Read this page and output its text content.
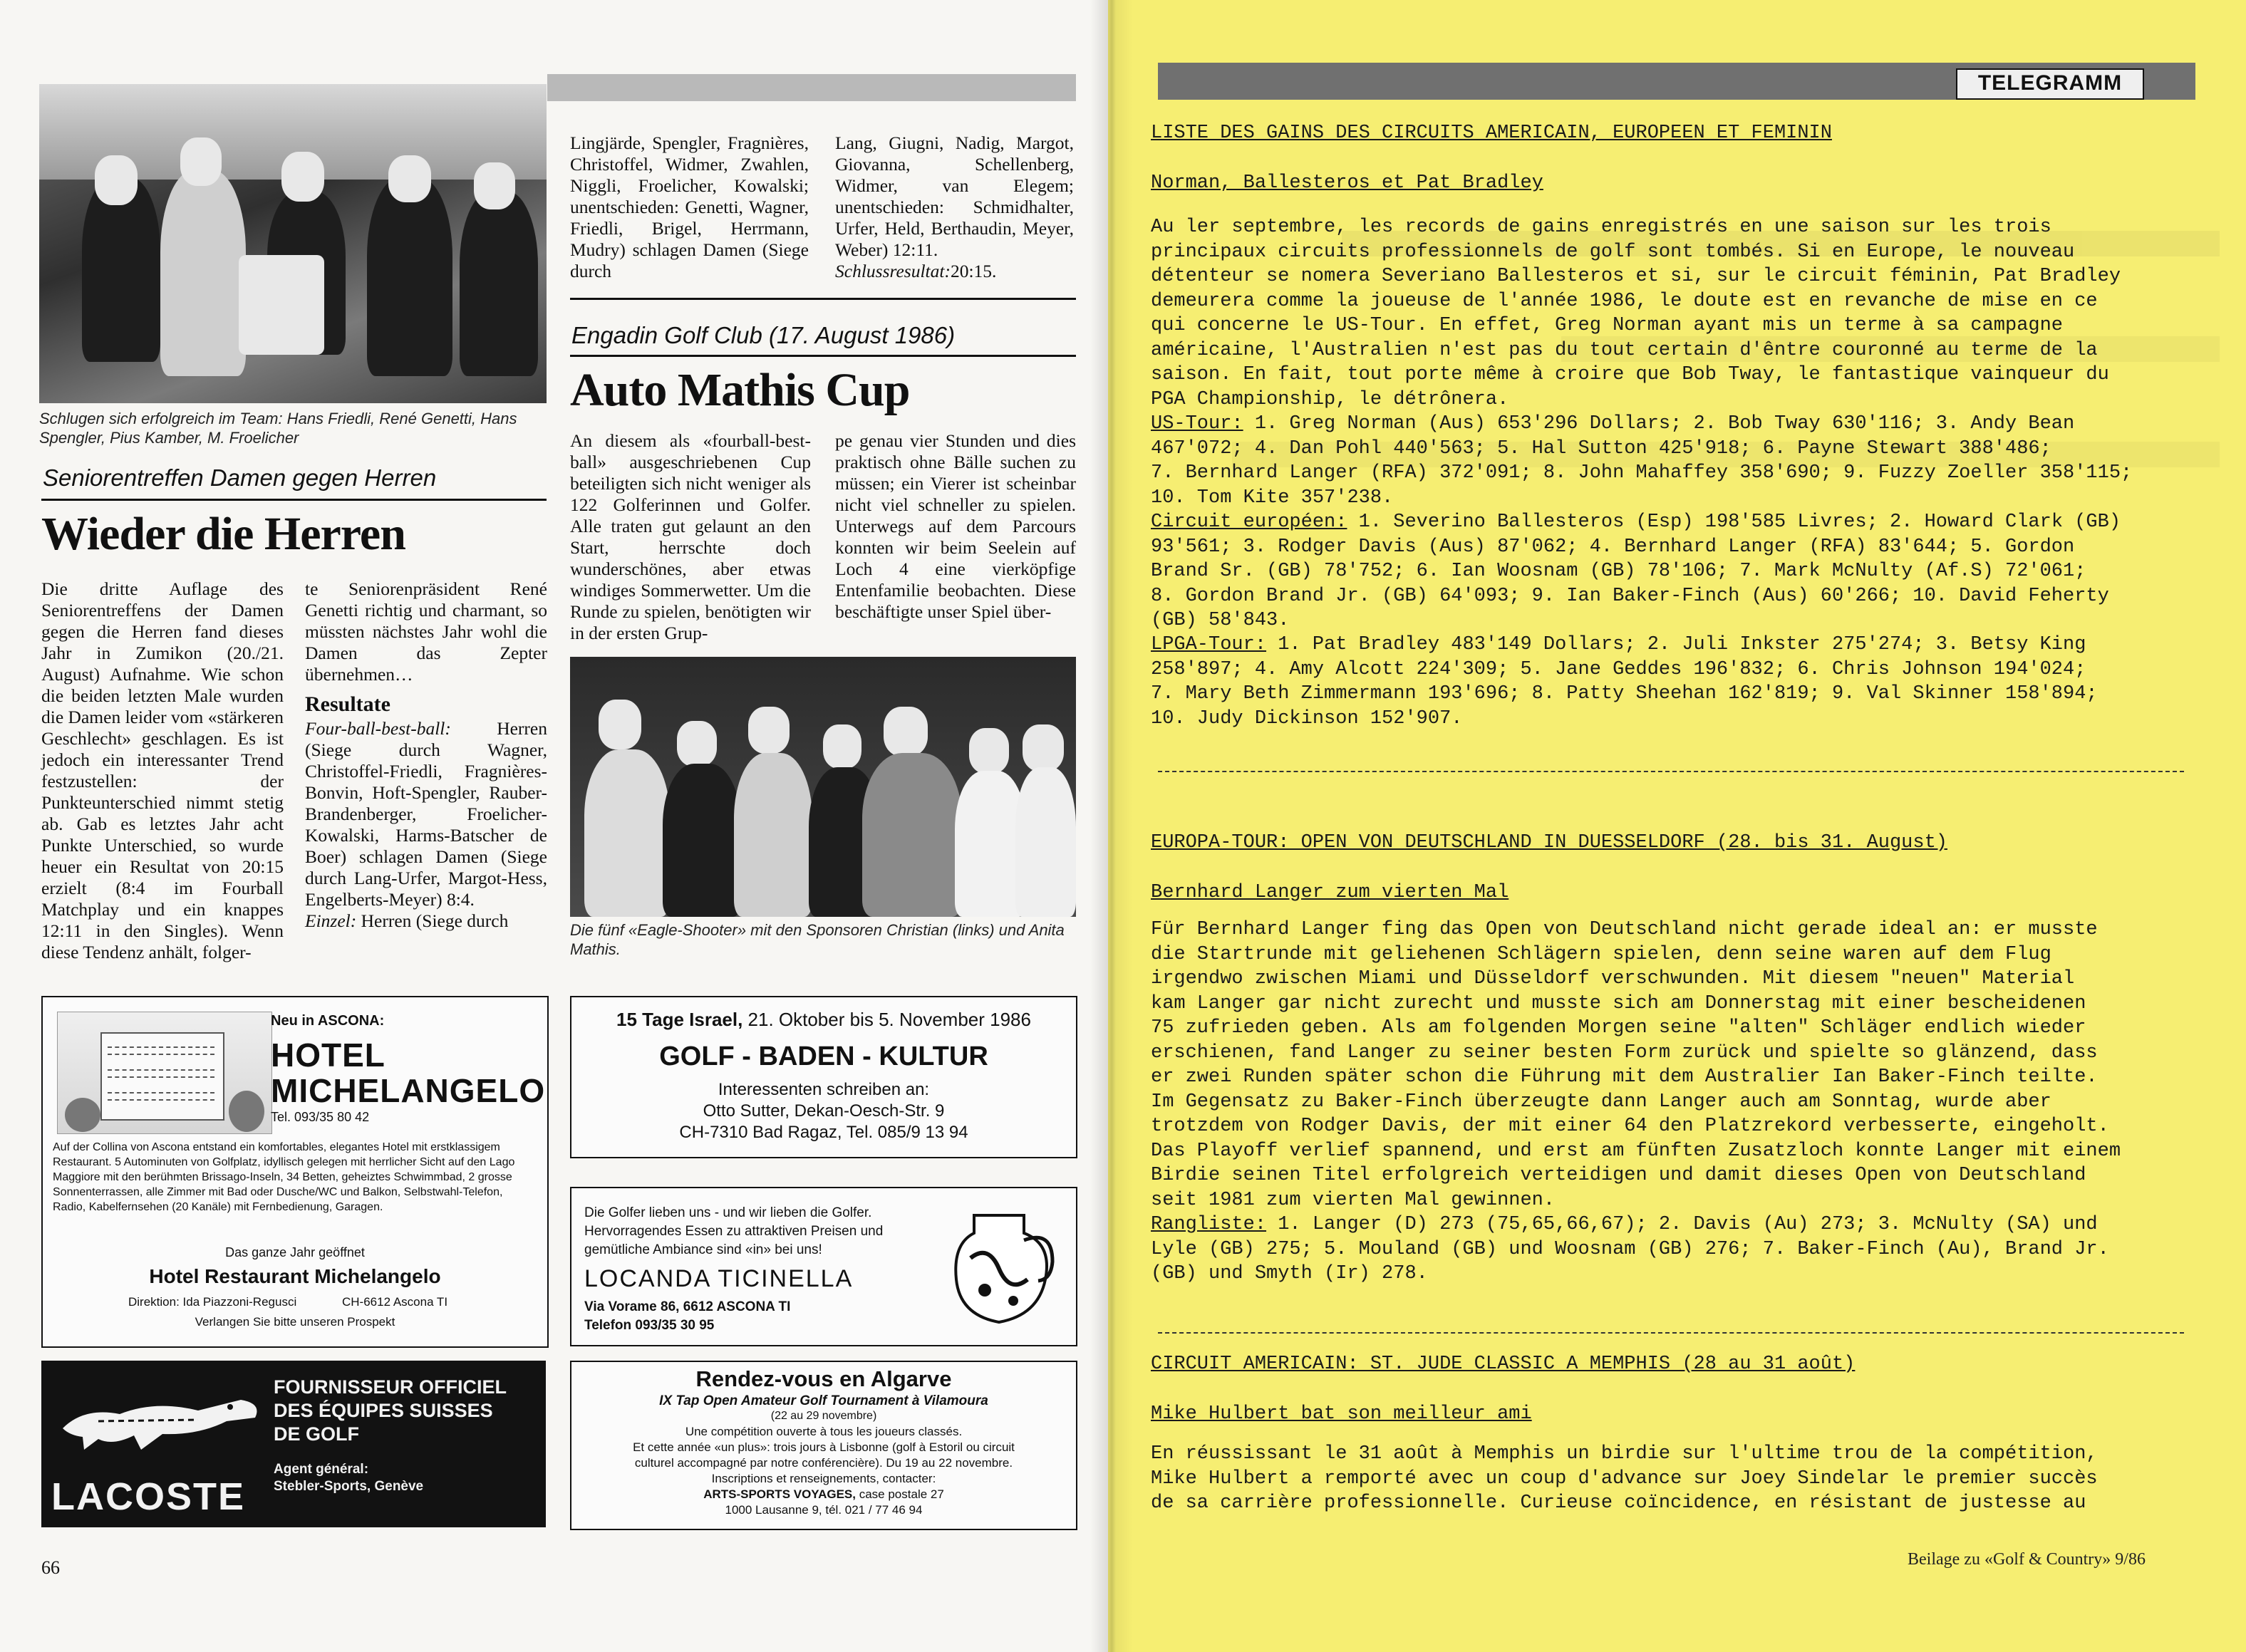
Schlugen sich erfolgreich im Team: Hans Friedli, René Genetti, Hans Spengler, Pius Kamber, M. Froelicher
Seniorentreffen Damen gegen Herren
Wieder die Herren
Die dritte Auflage des Seniorentreffens der Damen gegen die Herren fand dieses Jahr in Zumikon (20./21. August) Aufnahme. Wie schon die beiden letzten Male wurden die Damen leider vom «stärkeren Geschlecht» geschlagen. Es ist jedoch ein interessanter Trend festzustellen: der Punkteunterschied nimmt stetig ab. Gab es letztes Jahr acht Punkte Unterschied, so wurde heuer ein Resultat von 20:15 erzielt (8:4 im Fourball Matchplay und ein knappes 12:11 in den Singles). Wenn diese Tendenz anhält, folger-
te Seniorenpräsident René Genetti richtig und charmant, so müssten nächstes Jahr wohl die Damen das Zepter übernehmen…
Resultate
Four-ball-best-ball: Herren (Siege durch Wagner, Christoffel-Friedli, Fragnières-Bonvin, Hoft-Spengler, Rauber-Brandenberger, Froelicher-Kowalski, Harms-Batscher de Boer) schlagen Damen (Siege durch Lang-Urfer, Margot-Hess, Engelberts-Meyer) 8:4.
Einzel: Herren (Siege durch
Lingjärde, Spengler, Fragnières, Christoffel, Widmer, Zwahlen, Niggli, Froelicher, Kowalski; unentschieden: Genetti, Wagner, Friedli, Brigel, Herrmann, Mudry) schlagen Damen (Siege durch
Lang, Giugni, Nadig, Margot, Giovanna, Schellenberg, Widmer, van Elegem; unentschieden: Schmidhalter, Urfer, Held, Berthaudin, Meyer, Weber) 12:11.
Schlussresultat:20:15.
Engadin Golf Club (17. August 1986)
Auto Mathis Cup
An diesem als «fourball-best-ball» ausgeschriebenen Cup beteiligten sich nicht weniger als 122 Golferinnen und Golfer. Alle traten gut gelaunt an den Start, herrschte doch wunderschönes, aber etwas windiges Sommerwetter. Um die Runde zu spielen, benötigten wir in der ersten Grup-
pe genau vier Stunden und dies praktisch ohne Bälle suchen zu müssen; ein Vierer ist scheinbar nicht viel schneller zu spielen. Unterwegs auf dem Parcours konnten wir beim Seelein auf Loch 4 eine vierköpfige Entenfamilie beobachten. Diese beschäftigte unser Spiel über-
Die fünf «Eagle-Shooter» mit den Sponsoren Christian (links) und Anita Mathis.
Neu in ASCONA:
HOTEL
MICHELANGELO
Tel. 093/35 80 42
Auf der Collina von Ascona entstand ein komfortables, elegantes Hotel mit erstklassigem Restaurant. 5 Autominuten von Golfplatz, idyllisch gelegen mit herrlicher Sicht auf den Lago Maggiore mit den berühmten Brissago-Inseln, 34 Betten, geheiztes Schwimmbad, 2 grosse Sonnenterrassen, alle Zimmer mit Bad oder Dusche/WC und Balkon, Selbstwahl-Telefon, Radio, Kabelfernsehen (20 Kanäle) mit Fernbedienung, Garagen.
Das ganze Jahr geöffnet
Hotel Restaurant Michelangelo
Direktion: Ida Piazzoni-Regusci	CH-6612 Ascona TI
Verlangen Sie bitte unseren Prospekt
LACOSTE
FOURNISSEUR OFFICIEL
DES ÉQUIPES SUISSES
DE GOLF
Agent général:
Stebler-Sports, Genève
15 Tage Israel, 21. Oktober bis 5. November 1986
GOLF - BADEN - KULTUR
Interessenten schreiben an:
Otto Sutter, Dekan-Oesch-Str. 9
CH-7310 Bad Ragaz, Tel. 085/9 13 94
Die Golfer lieben uns - und wir lieben die Golfer.
Hervorragendes Essen zu attraktiven Preisen und
gemütliche Ambiance sind «in» bei uns!
LOCANDA TICINELLA
Via Vorame 86, 6612 ASCONA TI
Telefon 093/35 30 95
Rendez-vous en Algarve
IX Tap Open Amateur Golf Tournament à Vilamoura
(22 au 29 novembre)
Une compétition ouverte à tous les joueurs classés.
Et cette année «un plus»: trois jours à Lisbonne (golf à Estoril ou circuit
culturel accompagné par notre conférencière). Du 19 au 22 novembre.
Inscriptions et renseignements, contacter:
ARTS-SPORTS VOYAGES, case postale 27
1000 Lausanne 9, tél. 021 / 77 46 94
66

TELEGRAMM
LISTE DES GAINS DES CIRCUITS AMERICAIN, EUROPEEN ET FEMININ
Norman, Ballesteros et Pat Bradley
Au ler septembre, les records de gains enregistrés en une saison sur les trois
principaux circuits professionnels de golf sont tombés. Si en Europe, le nouveau
détenteur se nomera Severiano Ballesteros et si, sur le circuit féminin, Pat Bradley
demeurera comme la joueuse de l'année 1986, le doute est en revanche de mise en ce
qui concerne le US-Tour. En effet, Greg Norman ayant mis un terme à sa campagne
américaine, l'Australien n'est pas du tout certain d'êntre couronné au terme de la
saison. En fait, tout porte même à croire que Bob Tway, le fantastique vainqueur du
PGA Championship, le détrônera.
US-Tour: 1. Greg Norman (Aus) 653'296 Dollars; 2. Bob Tway 630'116; 3. Andy Bean
467'072; 4. Dan Pohl 440'563; 5. Hal Sutton 425'918; 6. Payne Stewart 388'486;
7. Bernhard Langer (RFA) 372'091; 8. John Mahaffey 358'690; 9. Fuzzy Zoeller 358'115;
10. Tom Kite 357'238.
Circuit européen: 1. Severino Ballesteros (Esp) 198'585 Livres; 2. Howard Clark (GB)
93'561; 3. Rodger Davis (Aus) 87'062; 4. Bernhard Langer (RFA) 83'644; 5. Gordon
Brand Sr. (GB) 78'752; 6. Ian Woosnam (GB) 78'106; 7. Mark McNulty (Af.S) 72'061;
8. Gordon Brand Jr. (GB) 64'093; 9. Ian Baker-Finch (Aus) 60'266; 10. David Feherty
(GB) 58'843.
LPGA-Tour: 1. Pat Bradley 483'149 Dollars; 2. Juli Inkster 275'274; 3. Betsy King
258'897; 4. Amy Alcott 224'309; 5. Jane Geddes 196'832; 6. Chris Johnson 194'024;
7. Mary Beth Zimmermann 193'696; 8. Patty Sheehan 162'819; 9. Val Skinner 158'894;
10. Judy Dickinson 152'907.
EUROPA-TOUR: OPEN VON DEUTSCHLAND IN DUESSELDORF (28. bis 31. August)
Bernhard Langer zum vierten Mal
Für Bernhard Langer fing das Open von Deutschland nicht gerade ideal an: er musste
die Startrunde mit geliehenen Schlägern spielen, denn seine waren auf dem Flug
irgendwo zwischen Miami und Düsseldorf verschwunden. Mit diesem "neuen" Material
kam Langer gar nicht zurecht und musste sich am Donnerstag mit einer bescheidenen
75 zufrieden geben. Als am folgenden Morgen seine "alten" Schläger endlich wieder
erschienen, fand Langer zu seiner besten Form zurück und spielte so glänzend, dass
er zwei Runden später schon die Führung mit dem Australier Ian Baker-Finch teilte.
Im Gegensatz zu Baker-Finch überzeugte dann Langer auch am Sonntag, wurde aber
trotzdem von Rodger Davis, der mit einer 64 den Platzrekord verbesserte, eingeholt.
Das Playoff verlief spannend, und erst am fünften Zusatzloch konnte Langer mit einem
Birdie seinen Titel erfolgreich verteidigen und damit dieses Open von Deutschland
seit 1981 zum vierten Mal gewinnen.
Rangliste: 1. Langer (D) 273 (75,65,66,67); 2. Davis (Au) 273; 3. McNulty (SA) und
Lyle (GB) 275; 5. Mouland (GB) und Woosnam (GB) 276; 7. Baker-Finch (Au), Brand Jr.
(GB) und Smyth (Ir) 278.
CIRCUIT AMERICAIN: ST. JUDE CLASSIC A MEMPHIS (28 au 31 août)
Mike Hulbert bat son meilleur ami
En réussissant le 31 août à Memphis un birdie sur l'ultime trou de la compétition,
Mike Hulbert a remporté avec un coup d'advance sur Joey Sindelar le premier succès
de sa carrière professionnelle. Curieuse coïncidence, en résistant de justesse au
Beilage zu «Golf & Country» 9/86
